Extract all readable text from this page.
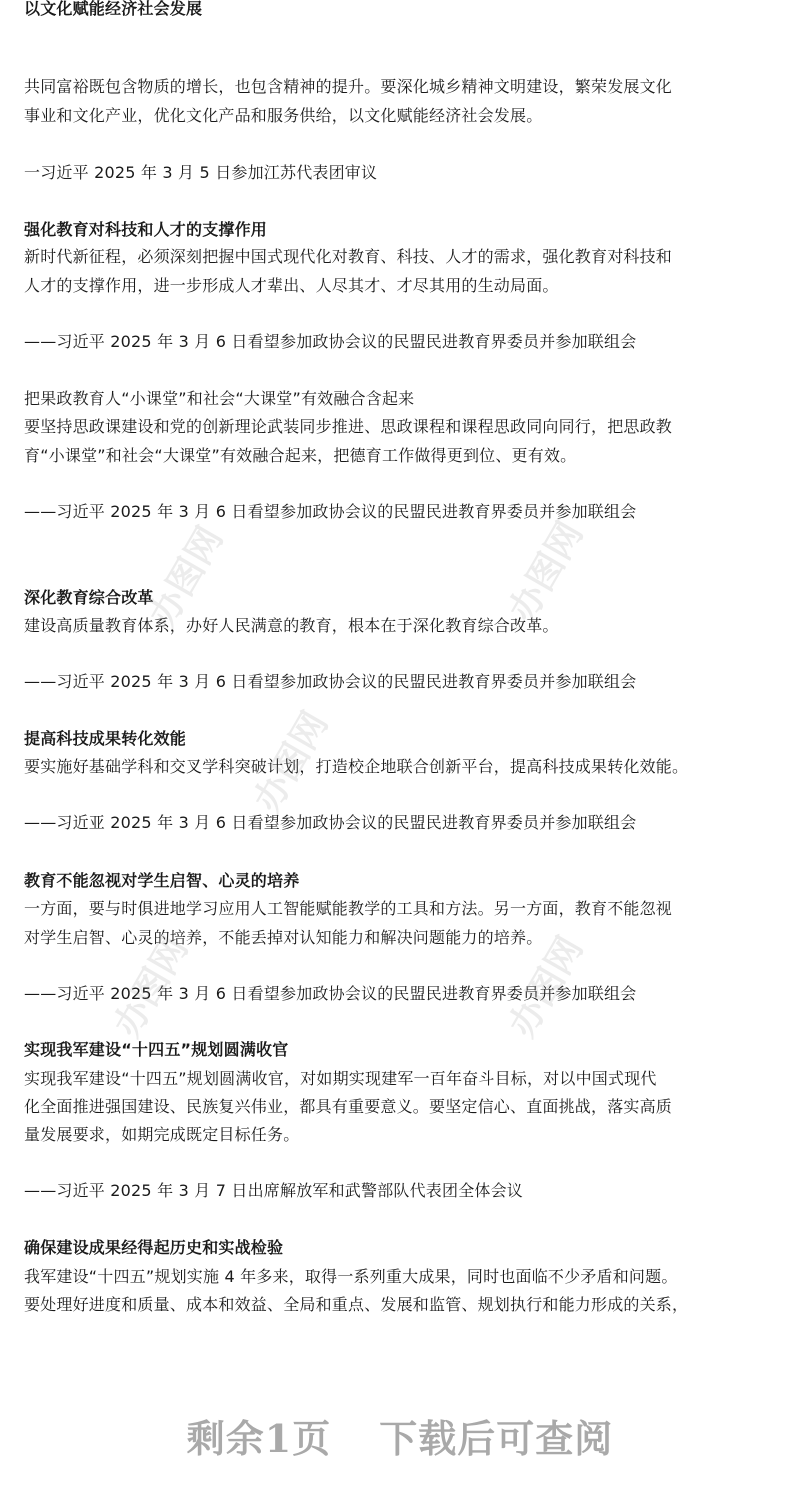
以文化赋能经济社会发展
共同富裕既包含物质的增长，也包含精神的提升。要深化城乡精神文明建设，繁荣发展文化
事业和文化产业，优化文化产品和服务供给，以文化赋能经济社会发展。
一习近平 2025 年 3 月 5 日参加江苏代表团审议
强化教育对科技和人才的支撑作用
新时代新征程，必须深刻把握中国式现代化对教育、科技、人才的需求，强化教育对科技和
人才的支撑作用，进一步形成人才辈出、人尽其才、才尽其用的生动局面。
——习近平 2025 年 3 月 6 日看望参加政协会议的民盟民进教育界委员并参加联组会
把果政教育人“小课堂”和社会“大课堂”有效融合含起来
要坚持思政课建设和党的创新理论武装同步推进、思政课程和课程思政同向同行，把思政教
育“小课堂”和社会“大课堂”有效融合起来，把德育工作做得更到位、更有效。
——习近平 2025 年 3 月 6 日看望参加政协会议的民盟民进教育界委员并参加联组会
深化教育综合改革
建设高质量教育体系，办好人民满意的教育，根本在于深化教育综合改革。
——习近平 2025 年 3 月 6 日看望参加政协会议的民盟民进教育界委员并参加联组会
提高科技成果转化效能
要实施好基础学科和交叉学科突破计划，打造校企地联合创新平台，提高科技成果转化效能。
——习近亚 2025 年 3 月 6 日看望参加政协会议的民盟民进教育界委员并参加联组会
教育不能忽视对学生启智、心灵的培养
一方面，要与时俱进地学习应用人工智能赋能教学的工具和方法。另一方面，教育不能忽视
对学生启智、心灵的培养，不能丢掉对认知能力和解决问题能力的培养。
——习近平 2025 年 3 月 6 日看望参加政协会议的民盟民进教育界委员并参加联组会
实现我军建设“十四五”规划圆满收官
实现我军建设“十四五”规划圆满收官，对如期实现建军一百年奋斗目标，对以中国式现代
化全面推进强国建设、民族复兴伟业，都具有重要意义。要坚定信心、直面挑战，落实高质
量发展要求，如期完成既定目标任务。
——习近平 2025 年 3 月 7 日出席解放军和武警部队代表团全体会议
确保建设成果经得起历史和实战检验
我军建设“十四五”规划实施 4 年多来，取得一系列重大成果，同时也面临不少矛盾和问题。
要处理好进度和质量、成本和效益、全局和重点、发展和监管、规划执行和能力形成的关系，
办图网	办图网
办图网
办图网	办图网
剩余1页 下载后可查阅
